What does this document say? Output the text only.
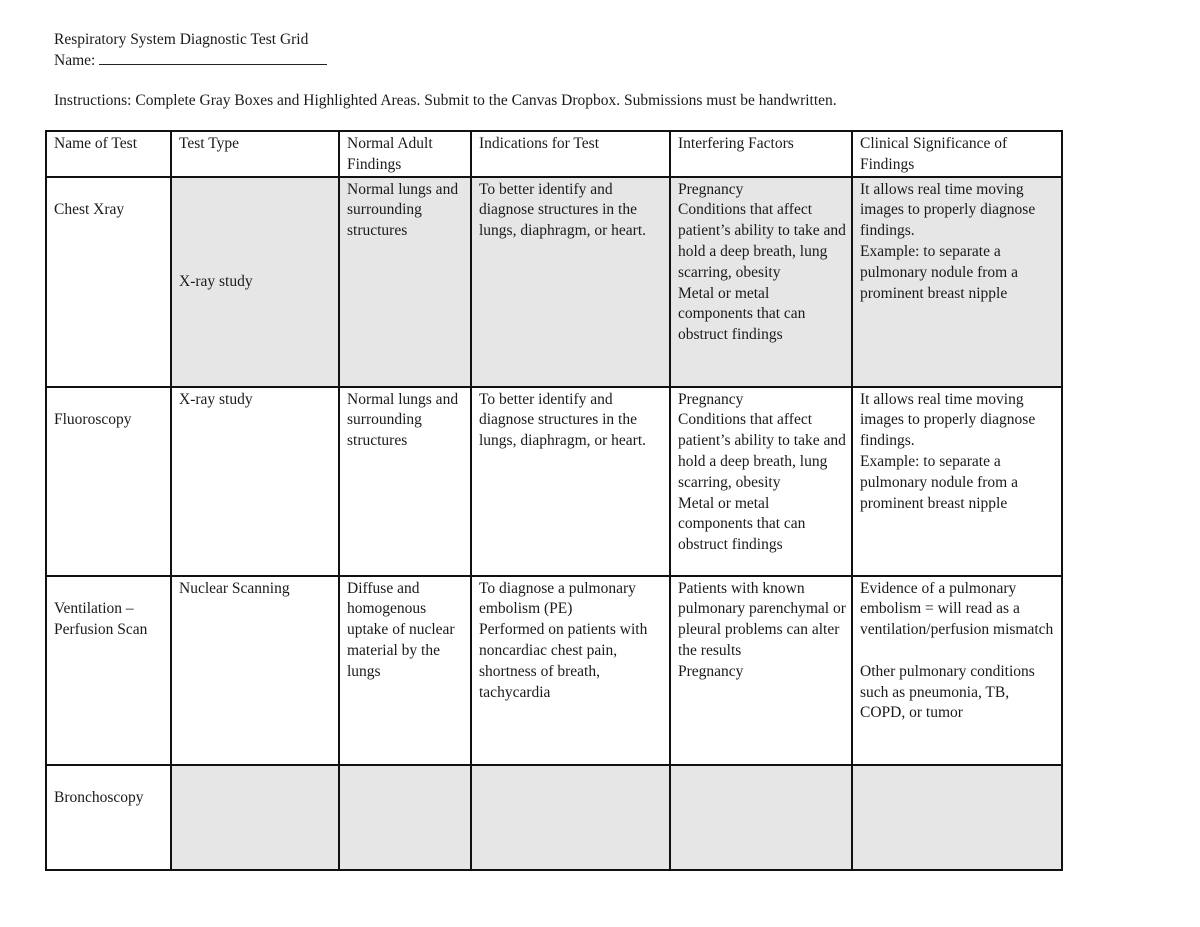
Respiratory System Diagnostic Test Grid
Name:
Instructions: Complete Gray Boxes and Highlighted Areas. Submit to the Canvas Dropbox. Submissions must be handwritten.
Name of Test	Test Type	Normal Adult Findings	Indications for Test	Interfering Factors	Clinical Significance of Findings

Chest Xray	X-ray study	Normal lungs and surrounding structures	To better identify and diagnose structures in the lungs, diaphragm, or heart.	Pregnancy
Conditions that affect patient’s ability to take and hold a deep breath, lung scarring, obesity
Metal or metal components that can obstruct findings	It allows real time moving images to properly diagnose findings.
Example: to separate a pulmonary nodule from a prominent breast nipple

Fluoroscopy	X-ray study	Normal lungs and surrounding structures	To better identify and diagnose structures in the lungs, diaphragm, or heart.	Pregnancy
Conditions that affect patient’s ability to take and hold a deep breath, lung scarring, obesity
Metal or metal components that can obstruct findings	It allows real time moving images to properly diagnose findings.
Example: to separate a pulmonary nodule from a prominent breast nipple

Ventilation – Perfusion Scan	Nuclear Scanning	Diffuse and homogenous uptake of nuclear material by the lungs	To diagnose a pulmonary embolism (PE)
Performed on patients with noncardiac chest pain, shortness of breath, tachycardia	Patients with known pulmonary parenchymal or pleural problems can alter the results
Pregnancy	Evidence of a pulmonary embolism = will read as a ventilation/perfusion mismatch
Other pulmonary conditions such as pneumonia, TB, COPD, or tumor

Bronchoscopy					
